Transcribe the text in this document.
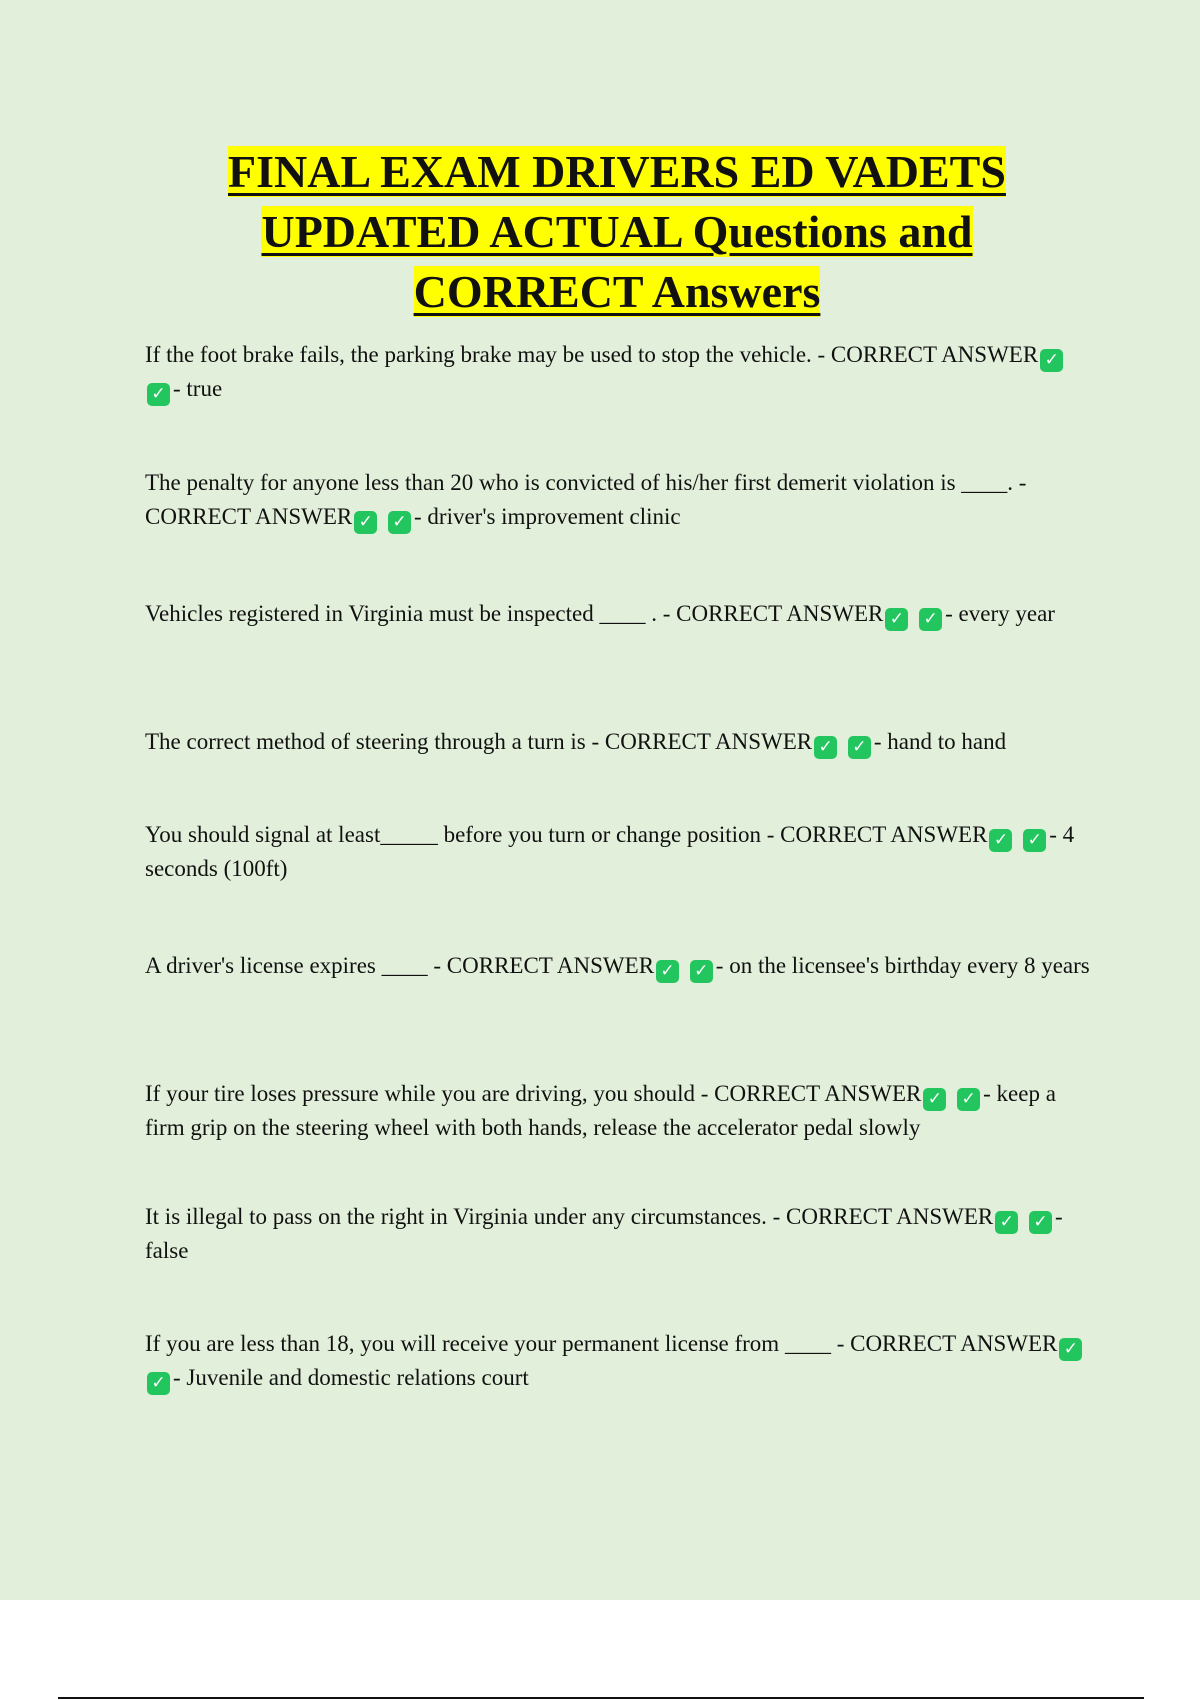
FINAL EXAM DRIVERS ED VADETS
UPDATED ACTUAL Questions and
CORRECT Answers

If the foot brake fails, the parking brake may be used to stop the vehicle. - CORRECT ANSWER ✓ ✓ - true

The penalty for anyone less than 20 who is convicted of his/her first demerit violation is ____. - CORRECT ANSWER ✓ ✓ - driver's improvement clinic

Vehicles registered in Virginia must be inspected ____ . - CORRECT ANSWER ✓ ✓ - every year

The correct method of steering through a turn is - CORRECT ANSWER ✓ ✓ - hand to hand

You should signal at least_____ before you turn or change position - CORRECT ANSWER ✓ ✓ - 4 seconds (100ft)

A driver's license expires ____ - CORRECT ANSWER ✓ ✓ - on the licensee's birthday every 8 years

If your tire loses pressure while you are driving, you should - CORRECT ANSWER ✓ ✓ - keep a firm grip on the steering wheel with both hands, release the accelerator pedal slowly

It is illegal to pass on the right in Virginia under any circumstances. - CORRECT ANSWER ✓ ✓ - false

If you are less than 18, you will receive your permanent license from ____ - CORRECT ANSWER ✓ ✓ - Juvenile and domestic relations court
